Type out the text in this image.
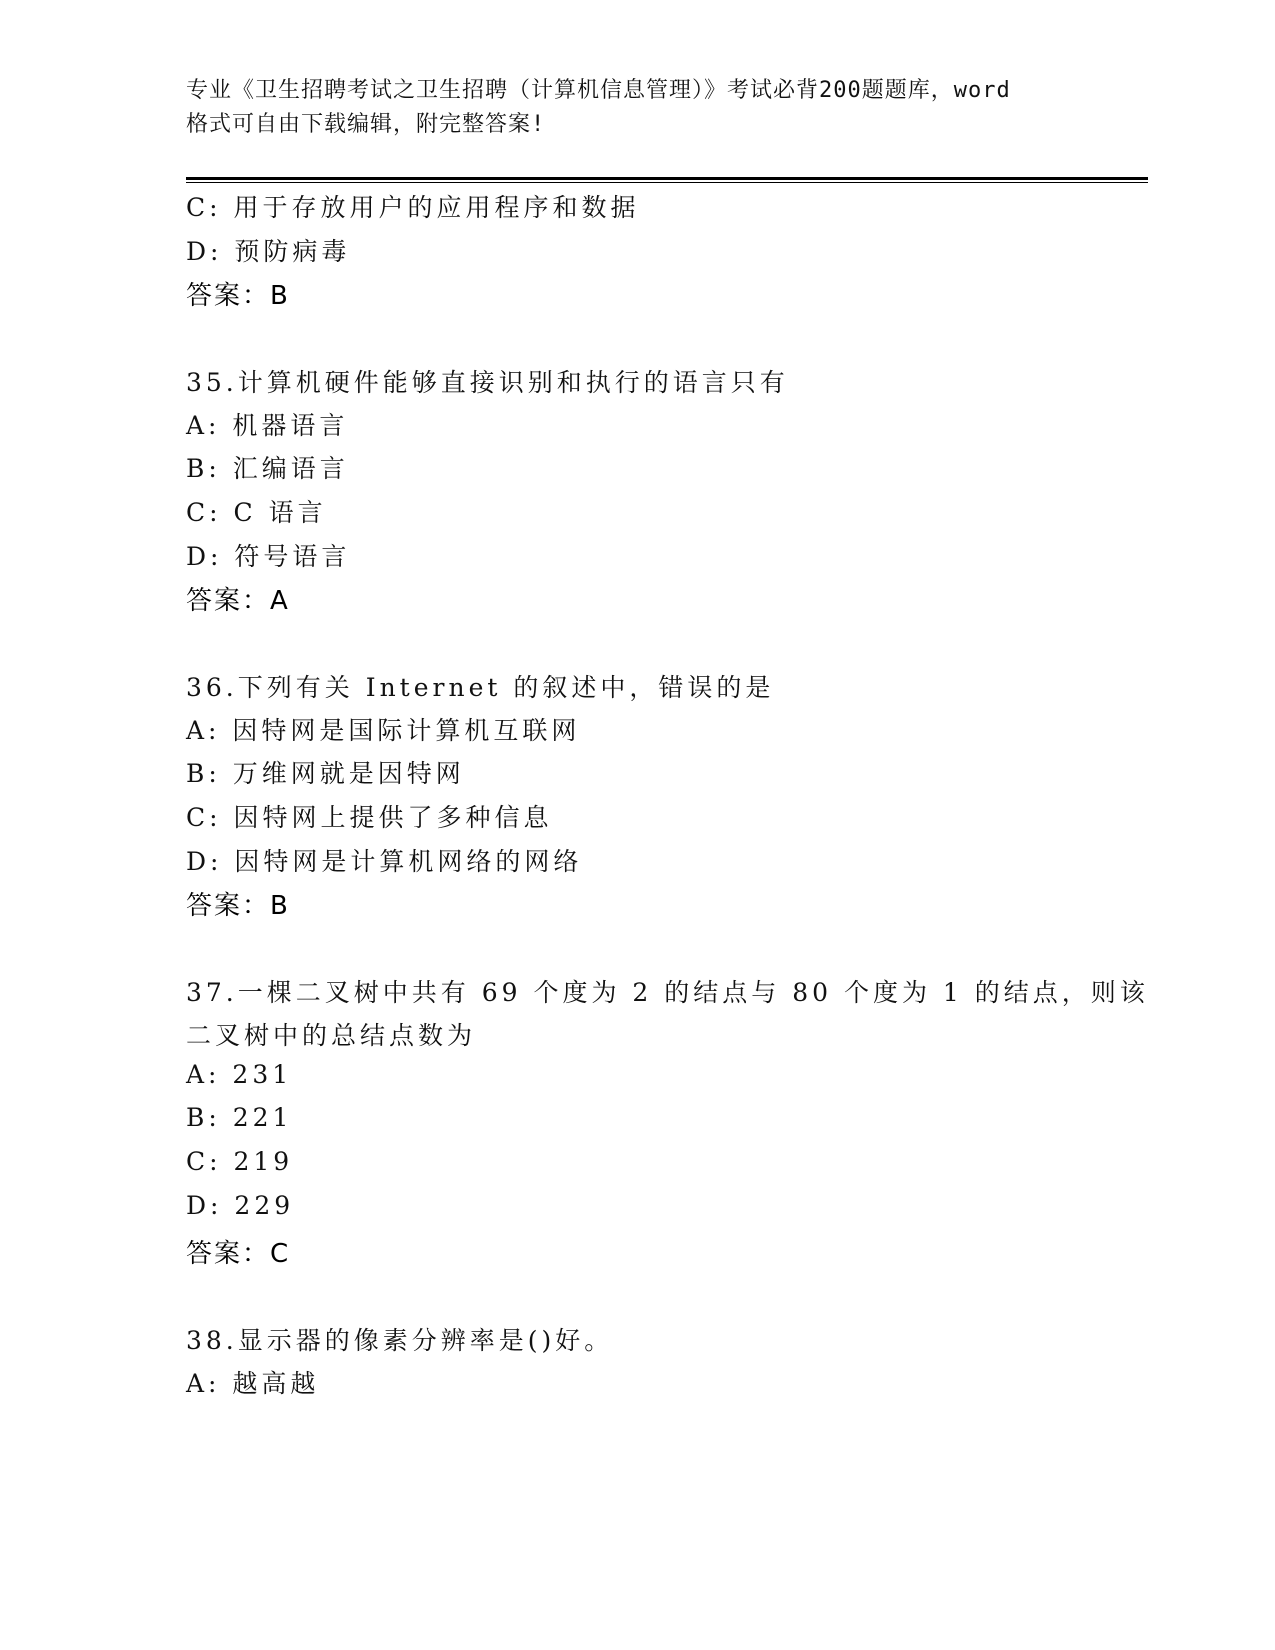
专业《卫生招聘考试之卫生招聘（计算机信息管理）》考试必背200题题库，word
格式可自由下载编辑，附完整答案!
C: 用于存放用户的应用程序和数据
D: 预防病毒
答案：B
35.计算机硬件能够直接识别和执行的语言只有
A: 机器语言
B: 汇编语言
C: C 语言
D: 符号语言
答案：A
36.下列有关 Internet 的叙述中，错误的是
A: 因特网是国际计算机互联网
B: 万维网就是因特网
C: 因特网上提供了多种信息
D: 因特网是计算机网络的网络
答案：B
37.一棵二叉树中共有 69 个度为 2 的结点与 80 个度为 1 的结点，则该
二叉树中的总结点数为
A: 231
B: 221
C: 219
D: 229
答案：C
38.显示器的像素分辨率是()好。
A: 越高越
